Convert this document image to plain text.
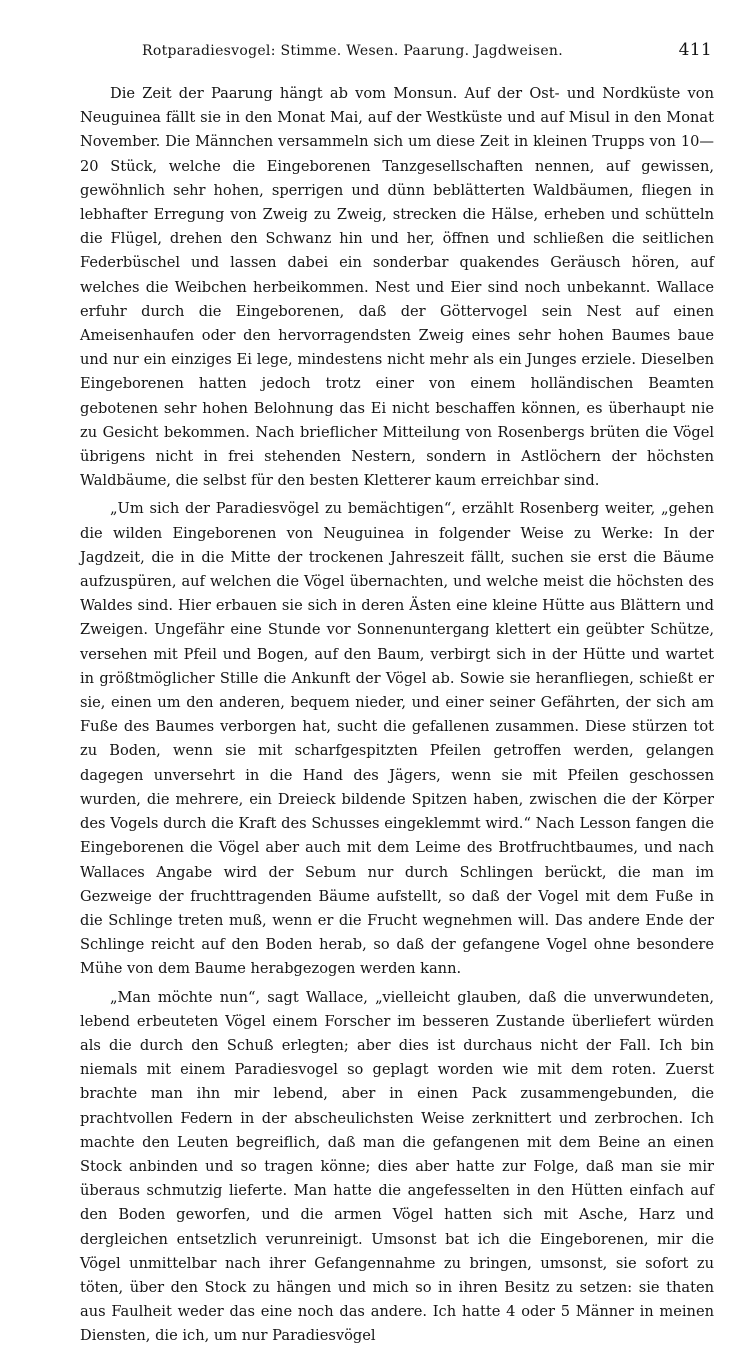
Rotparadiesvogel: Stimme. Wesen. Paarung. Jagdweisen.	411

Die Zeit der Paarung hängt ab vom Monsun. Auf der Ost- und Nordküste von Neuguinea fällt sie in den Monat Mai, auf der Westküste und auf Misul in den Monat November. Die Männchen versammeln sich um diese Zeit in kleinen Trupps von 10—20 Stück, welche die Eingeborenen Tanzgesellschaften nennen, auf gewissen, gewöhnlich sehr hohen, sperrigen und dünn beblätterten Waldbäumen, fliegen in lebhafter Erregung von Zweig zu Zweig, strecken die Hälse, erheben und schütteln die Flügel, drehen den Schwanz hin und her, öffnen und schließen die seitlichen Federbüschel und lassen dabei ein sonderbar quakendes Geräusch hören, auf welches die Weibchen herbeikommen. Nest und Eier sind noch unbekannt. Wallace erfuhr durch die Eingeborenen, daß der Göttervogel sein Nest auf einen Ameisenhaufen oder den hervorragendsten Zweig eines sehr hohen Baumes baue und nur ein einziges Ei lege, mindestens nicht mehr als ein Junges erziele. Dieselben Eingeborenen hatten jedoch trotz einer von einem holländischen Beamten gebotenen sehr hohen Belohnung das Ei nicht beschaffen können, es überhaupt nie zu Gesicht bekommen. Nach brieflicher Mitteilung von Rosenbergs brüten die Vögel übrigens nicht in frei stehenden Nestern, sondern in Astlöchern der höchsten Waldbäume, die selbst für den besten Kletterer kaum erreichbar sind.

„Um sich der Paradiesvögel zu bemächtigen“, erzählt Rosenberg weiter, „gehen die wilden Eingeborenen von Neuguinea in folgender Weise zu Werke: In der Jagdzeit, die in die Mitte der trockenen Jahreszeit fällt, suchen sie erst die Bäume aufzuspüren, auf welchen die Vögel übernachten, und welche meist die höchsten des Waldes sind. Hier erbauen sie sich in deren Ästen eine kleine Hütte aus Blättern und Zweigen. Ungefähr eine Stunde vor Sonnenuntergang klettert ein geübter Schütze, versehen mit Pfeil und Bogen, auf den Baum, verbirgt sich in der Hütte und wartet in größtmöglicher Stille die Ankunft der Vögel ab. Sowie sie heranfliegen, schießt er sie, einen um den anderen, bequem nieder, und einer seiner Gefährten, der sich am Fuße des Baumes verborgen hat, sucht die gefallenen zusammen. Diese stürzen tot zu Boden, wenn sie mit scharfgespitzten Pfeilen getroffen werden, gelangen dagegen unversehrt in die Hand des Jägers, wenn sie mit Pfeilen geschossen wurden, die mehrere, ein Dreieck bildende Spitzen haben, zwischen die der Körper des Vogels durch die Kraft des Schusses eingeklemmt wird.“ Nach Lesson fangen die Eingeborenen die Vögel aber auch mit dem Leime des Brotfruchtbaumes, und nach Wallaces Angabe wird der Sebum nur durch Schlingen berückt, die man im Gezweige der fruchttragenden Bäume aufstellt, so daß der Vogel mit dem Fuße in die Schlinge treten muß, wenn er die Frucht wegnehmen will. Das andere Ende der Schlinge reicht auf den Boden herab, so daß der gefangene Vogel ohne besondere Mühe von dem Baume herabgezogen werden kann.

„Man möchte nun“, sagt Wallace, „vielleicht glauben, daß die unverwundeten, lebend erbeuteten Vögel einem Forscher im besseren Zustande überliefert würden als die durch den Schuß erlegten; aber dies ist durchaus nicht der Fall. Ich bin niemals mit einem Paradiesvogel so geplagt worden wie mit dem roten. Zuerst brachte man ihn mir lebend, aber in einen Pack zusammengebunden, die prachtvollen Federn in der abscheulichsten Weise zerknittert und zerbrochen. Ich machte den Leuten begreiflich, daß man die gefangenen mit dem Beine an einen Stock anbinden und so tragen könne; dies aber hatte zur Folge, daß man sie mir überaus schmutzig lieferte. Man hatte die angefesselten in den Hütten einfach auf den Boden geworfen, und die armen Vögel hatten sich mit Asche, Harz und dergleichen entsetzlich verunreinigt. Umsonst bat ich die Eingeborenen, mir die Vögel unmittelbar nach ihrer Gefangennahme zu bringen, umsonst, sie sofort zu töten, über den Stock zu hängen und mich so in ihren Besitz zu setzen: sie thaten aus Faulheit weder das eine noch das andere. Ich hatte 4 oder 5 Männer in meinen Diensten, die ich, um nur Paradiesvögel
